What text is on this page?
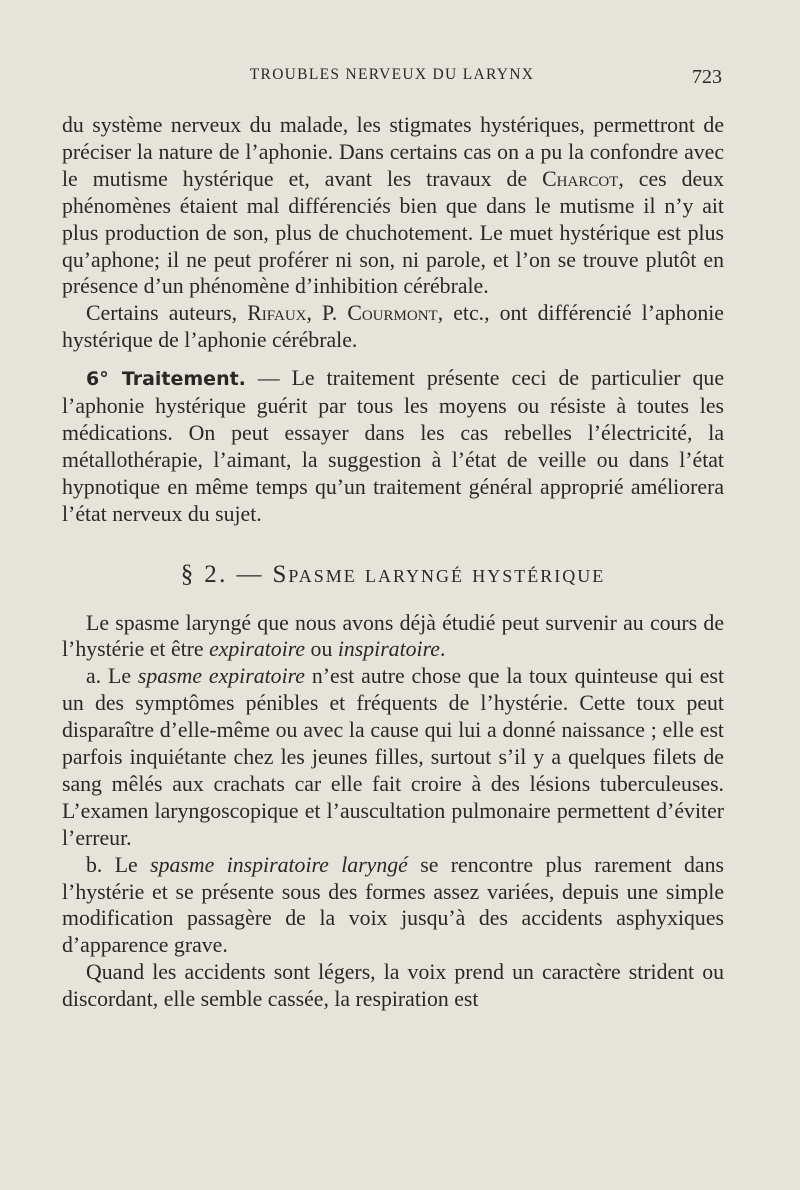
TROUBLES NERVEUX DU LARYNX	723

du système nerveux du malade, les stigmates hystériques, permettront de préciser la nature de l’aphonie. Dans certains cas on a pu la confondre avec le mutisme hystérique et, avant les travaux de Charcot, ces deux phénomènes étaient mal différenciés bien que dans le mutisme il n’y ait plus production de son, plus de chuchotement. Le muet hystérique est plus qu’aphone; il ne peut proférer ni son, ni parole, et l’on se trouve plutôt en présence d’un phénomène d’inhibition cérébrale.

Certains auteurs, Rifaux, P. Courmont, etc., ont différencié l’aphonie hystérique de l’aphonie cérébrale.

6° Traitement. — Le traitement présente ceci de particulier que l’aphonie hystérique guérit par tous les moyens ou résiste à toutes les médications. On peut essayer dans les cas rebelles l’électricité, la métallothérapie, l’aimant, la suggestion à l’état de veille ou dans l’état hypnotique en même temps qu’un traitement général approprié améliorera l’état nerveux du sujet.

§ 2. — Spasme laryngé hystérique

Le spasme laryngé que nous avons déjà étudié peut survenir au cours de l’hystérie et être expiratoire ou inspiratoire.

a. Le spasme expiratoire n’est autre chose que la toux quinteuse qui est un des symptômes pénibles et fréquents de l’hystérie. Cette toux peut disparaître d’elle-même ou avec la cause qui lui a donné naissance ; elle est parfois inquiétante chez les jeunes filles, surtout s’il y a quelques filets de sang mêlés aux crachats car elle fait croire à des lésions tuberculeuses. L’examen laryngoscopique et l’auscultation pulmonaire permettent d’éviter l’erreur.

b. Le spasme inspiratoire laryngé se rencontre plus rarement dans l’hystérie et se présente sous des formes assez variées, depuis une simple modification passagère de la voix jusqu’à des accidents asphyxiques d’apparence grave.

Quand les accidents sont légers, la voix prend un caractère strident ou discordant, elle semble cassée, la respiration est
